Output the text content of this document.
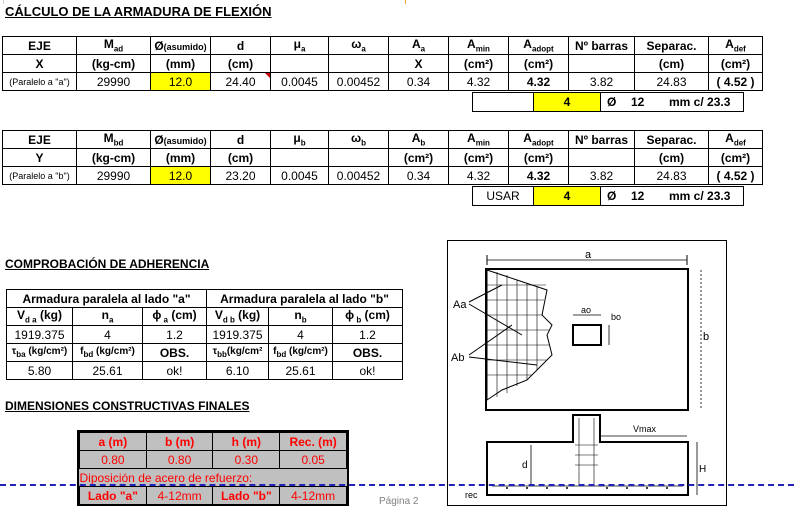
CÁLCULO DE LA ARMADURA DE FLEXIÓN
EJE	$M_{ad}$	Ø(asumido)	d	$\mu_a$	$\omega_a$	$A_a$	$A_{min}$	$A_{adopt}$	Nº barras	Separac.	$A_{def}$
X	(kg-cm)	(mm)	(cm)			X	(cm²)	(cm²)		(cm)	(cm²)
(Paralelo a "a")	29990	12.0	24.40	0.0045	0.00452	0.34	4.32	4.32	3.82	24.83	( 4.52 )
4	Ø 12 mm c/ 23.3
EJE	$M_{bd}$	Ø(asumido)	d	$\mu_b$	$\omega_b$	$A_b$	$A_{min}$	$A_{adopt}$	Nº barras	Separac.	$A_{def}$
Y	(kg-cm)	(mm)	(cm)			(cm²)	(cm²)	(cm²)		(cm)	(cm²)
(Paralelo a "b")	29990	12.0	23.20	0.0045	0.00452	0.34	4.32	4.32	3.82	24.83	( 4.52 )
USAR	4	Ø 12 mm c/ 23.3
COMPROBACIÓN DE ADHERENCIA
Armadura paralela al lado "a"			Armadura paralela al lado "b"		
$V_{d a}$ (kg)	$n_a$	ϕ $_a$ (cm)	$V_{d b}$ (kg)	$n_b$	ϕ $_b$ (cm)
1919.375	4	1.2	1919.375	4	1.2
$\tau_{ba}$ (kg/cm²)	$f_{bd}$ (kg/cm²)	OBS.	$\tau_{bb}(kg$/cm²	$f_{bd}$ (kg/cm²)	OBS.
5.80	25.61	ok!	6.10	25.61	ok!
DIMENSIONES CONSTRUCTIVAS FINALES
a (m)	b (m)	h (m)	Rec. (m)
0.80	0.80	0.30	0.05
Diposición de acero de refuerzo:			
Lado "a"	4-12mm	Lado "b"	4-12mm
a
b
ao
bo
Aa
Ab
Vmax
d	H
rec
Página 2
